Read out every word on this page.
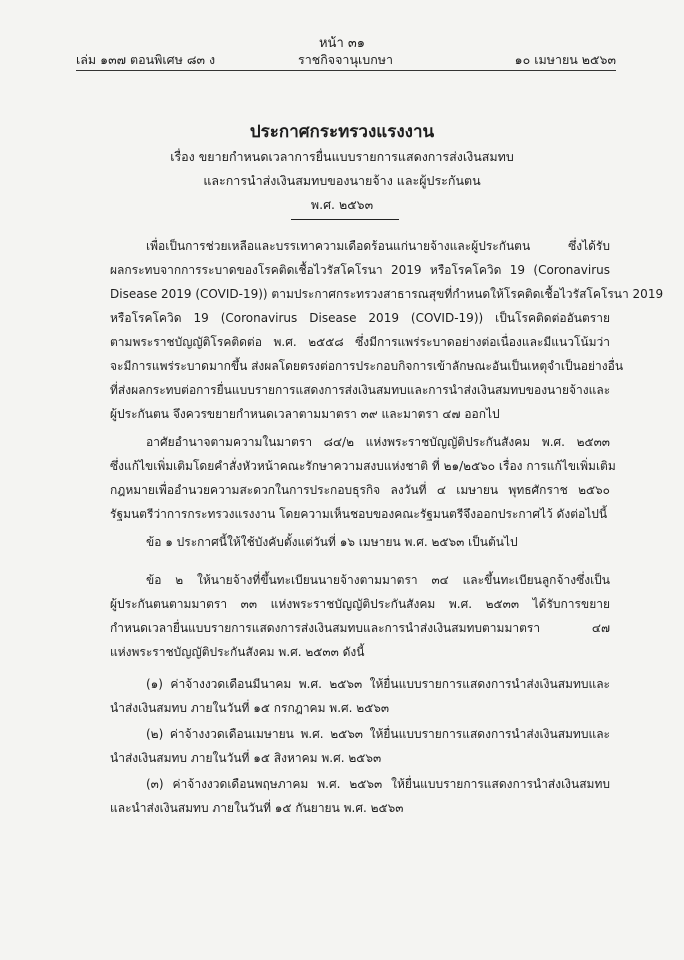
หน้า ๓๑
เล่ม ๑๓๗ ตอนพิเศษ ๘๓ ง	ราชกิจจานุเบกษา	๑๐ เมษายน ๒๕๖๓
ประกาศกระทรวงแรงงาน
เรื่อง ขยายกำหนดเวลาการยื่นแบบรายการแสดงการส่งเงินสมทบ
และการนำส่งเงินสมทบของนายจ้าง และผู้ประกันตน
พ.ศ. ๒๕๖๓
เพื่อเป็นการช่วยเหลือและบรรเทาความเดือดร้อนแก่นายจ้างและผู้ประกันตน ซึ่งได้รับ
ผลกระทบจากการระบาดของโรคติดเชื้อไวรัสโคโรนา 2019 หรือโรคโควิด 19 (Coronavirus
Disease 2019 (COVID-19)) ตามประกาศกระทรวงสาธารณสุขที่กำหนดให้โรคติดเชื้อไวรัสโคโรนา 2019
หรือโรคโควิด 19 (Coronavirus Disease 2019 (COVID-19)) เป็นโรคติดต่ออันตราย
ตามพระราชบัญญัติโรคติดต่อ พ.ศ. ๒๕๕๘ ซึ่งมีการแพร่ระบาดอย่างต่อเนื่องและมีแนวโน้มว่า
จะมีการแพร่ระบาดมากขึ้น ส่งผลโดยตรงต่อการประกอบกิจการเข้าลักษณะอันเป็นเหตุจำเป็นอย่างอื่น
ที่ส่งผลกระทบต่อการยื่นแบบรายการแสดงการส่งเงินสมทบและการนำส่งเงินสมทบของนายจ้างและ
ผู้ประกันตน จึงควรขยายกำหนดเวลาตามมาตรา ๓๙ และมาตรา ๔๗ ออกไป
อาศัยอำนาจตามความในมาตรา ๘๔/๒ แห่งพระราชบัญญัติประกันสังคม พ.ศ. ๒๕๓๓
ซึ่งแก้ไขเพิ่มเติมโดยคำสั่งหัวหน้าคณะรักษาความสงบแห่งชาติ ที่ ๒๑/๒๕๖๐ เรื่อง การแก้ไขเพิ่มเติม
กฎหมายเพื่ออำนวยความสะดวกในการประกอบธุรกิจ ลงวันที่ ๔ เมษายน พุทธศักราช ๒๕๖๐
รัฐมนตรีว่าการกระทรวงแรงงาน โดยความเห็นชอบของคณะรัฐมนตรีจึงออกประกาศไว้ ดังต่อไปนี้
ข้อ ๑ ประกาศนี้ให้ใช้บังคับตั้งแต่วันที่ ๑๖ เมษายน พ.ศ. ๒๕๖๓ เป็นต้นไป
ข้อ ๒ ให้นายจ้างที่ขึ้นทะเบียนนายจ้างตามมาตรา ๓๔ และขึ้นทะเบียนลูกจ้างซึ่งเป็น
ผู้ประกันตนตามมาตรา ๓๓ แห่งพระราชบัญญัติประกันสังคม พ.ศ. ๒๕๓๓ ได้รับการขยาย
กำหนดเวลายื่นแบบรายการแสดงการส่งเงินสมทบและการนำส่งเงินสมทบตามมาตรา ๔๗
แห่งพระราชบัญญัติประกันสังคม พ.ศ. ๒๕๓๓ ดังนี้
(๑) ค่าจ้างงวดเดือนมีนาคม พ.ศ. ๒๕๖๓ ให้ยื่นแบบรายการแสดงการนำส่งเงินสมทบและ
นำส่งเงินสมทบ ภายในวันที่ ๑๕ กรกฎาคม พ.ศ. ๒๕๖๓
(๒) ค่าจ้างงวดเดือนเมษายน พ.ศ. ๒๕๖๓ ให้ยื่นแบบรายการแสดงการนำส่งเงินสมทบและ
นำส่งเงินสมทบ ภายในวันที่ ๑๕ สิงหาคม พ.ศ. ๒๕๖๓
(๓) ค่าจ้างงวดเดือนพฤษภาคม พ.ศ. ๒๕๖๓ ให้ยื่นแบบรายการแสดงการนำส่งเงินสมทบ
และนำส่งเงินสมทบ ภายในวันที่ ๑๕ กันยายน พ.ศ. ๒๕๖๓
